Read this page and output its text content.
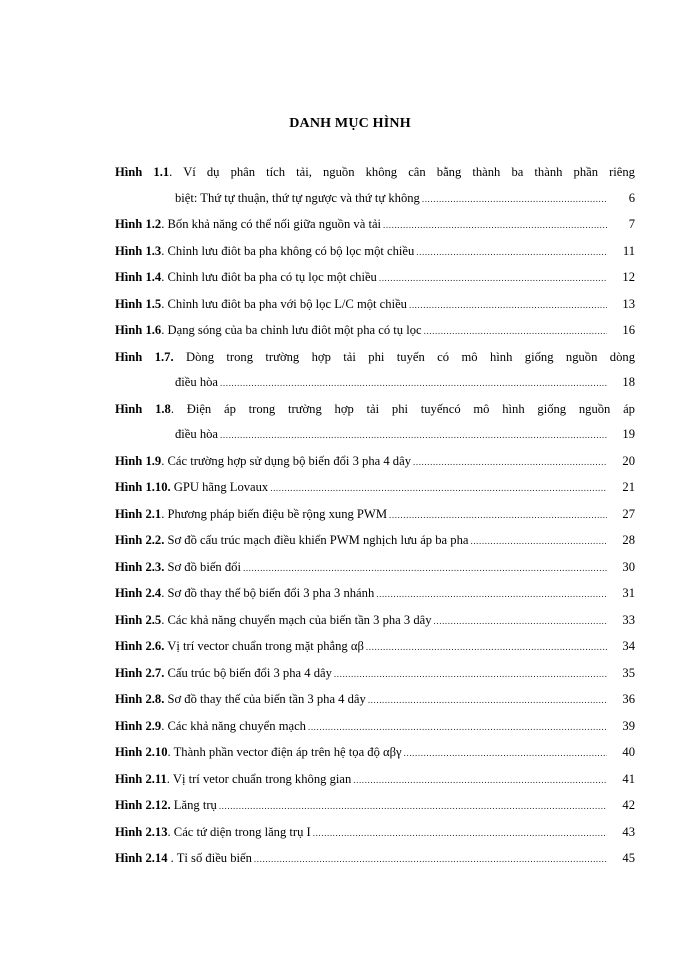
DANH MỤC HÌNH
Hình 1.1. Ví dụ phân tích tải, nguồn không cân bằng thành ba thành phần riêng
biệt: Thứ tự thuận, thứ tự ngược và thứ tự không .....	6
Hình 1.2. Bốn khả năng có thể nối giữa nguồn và tải .....	7
Hình 1.3. Chỉnh lưu điôt ba pha không có bộ lọc một chiều .....	11
Hình 1.4. Chỉnh lưu điôt ba pha có tụ lọc một chiều .....	12
Hình 1.5. Chỉnh lưu điôt ba pha với bộ lọc L/C một chiều .....	13
Hình 1.6. Dạng sóng của ba chỉnh lưu điôt một pha có tụ lọc .....	16
Hình 1.7. Dòng trong trường hợp tải phi tuyến có mô hình giống nguồn dòng
điều hòa .....	18
Hình 1.8. Điện áp trong trường hợp tải phi tuyếncó mô hình giống nguồn áp
điều hòa .....	19
Hình 1.9. Các trường hợp sử dụng bộ biến đổi 3 pha 4 dây .....	20
Hình 1.10. GPU hãng Lovaux .....	21
Hình 2.1. Phương pháp biến điệu bề rộng xung PWM .....	27
Hình 2.2. Sơ đồ cấu trúc mạch điều khiển PWM nghịch lưu áp ba pha .....	28
Hình 2.3. Sơ đồ biến đổi .....	30
Hình 2.4. Sơ đồ thay thế bộ biến đổi 3 pha 3 nhánh .....	31
Hình 2.5. Các khả năng chuyển mạch của biến tần 3 pha 3 dây .....	33
Hình 2.6. Vị trí vector chuẩn trong mặt phẳng αβ .....	34
Hình 2.7. Cấu trúc bộ biến đổi 3 pha 4 dây .....	35
Hình 2.8. Sơ đồ thay thế của biến tần 3 pha 4 dây .....	36
Hình 2.9. Các khả năng chuyển mạch .....	39
Hình 2.10. Thành phần vector điện áp trên hệ tọa độ αβγ .....	40
Hình 2.11. Vị trí vetor chuẩn trong không gian .....	41
Hình 2.12. Lăng trụ .....	42
Hình 2.13. Các tứ diện trong lăng trụ I .....	43
Hình 2.14 . Tỉ số điều biến .....	45
